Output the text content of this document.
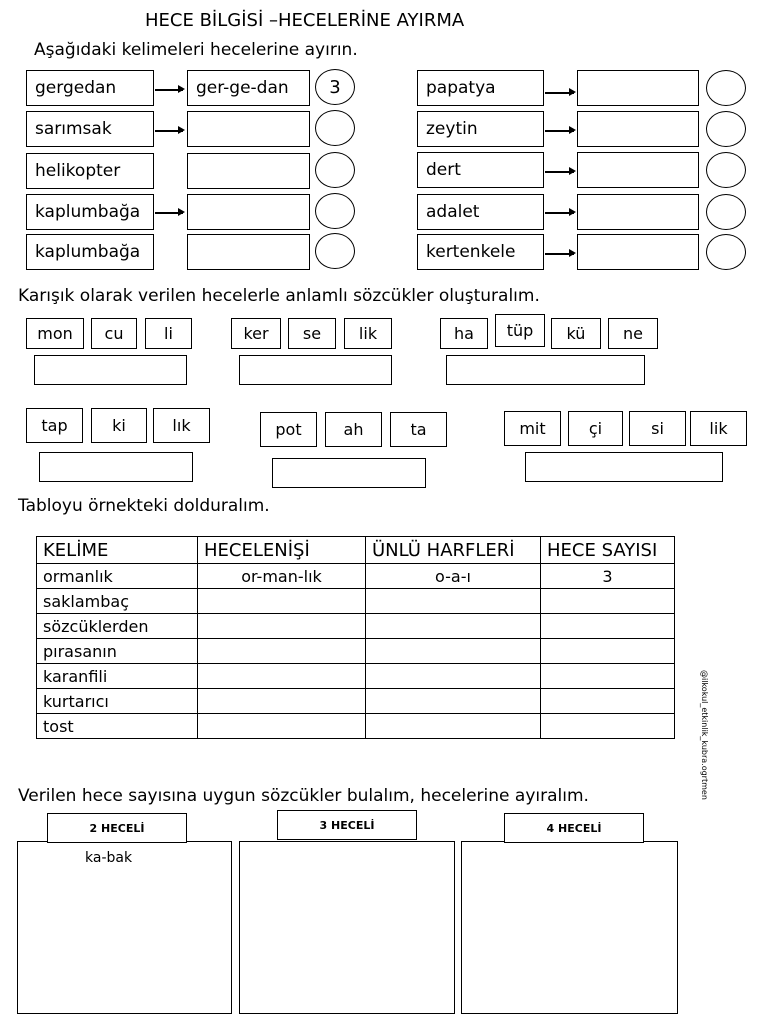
HECE BİLGİSİ –HECELERİNE AYIRMA
Aşağıdaki kelimeleri hecelerine ayırın.
gergedan	ger-ge-dan	3
sarımsak
helikopter
kaplumbağa
kaplumbağa
papatya
zeytin
dert
adalet
kertenkele
Karışık olarak verilen hecelerle anlamlı sözcükler oluşturalım.
mon	cu	li	ker	se	lik	ha	tüp	kü	ne
tap	ki	lık	pot	ah	ta	mit	çi	si	lik
Tabloyu örnekteki dolduralım.
KELİME	HECELENİŞİ	ÜNLÜ HARFLERİ	HECE SAYISI
ormanlık	or-man-lık	o-a-ı	3
saklambaç			
sözcüklerden			
pırasanın			
karanfili			
kurtarıcı			
tost				@ilkokul_etkinlik_kubra.ogrtmen
Verilen hece sayısına uygun sözcükler bulalım, hecelerine ayıralım.
2 HECELİ
ka-bak
3 HECELİ	4 HECELİ
